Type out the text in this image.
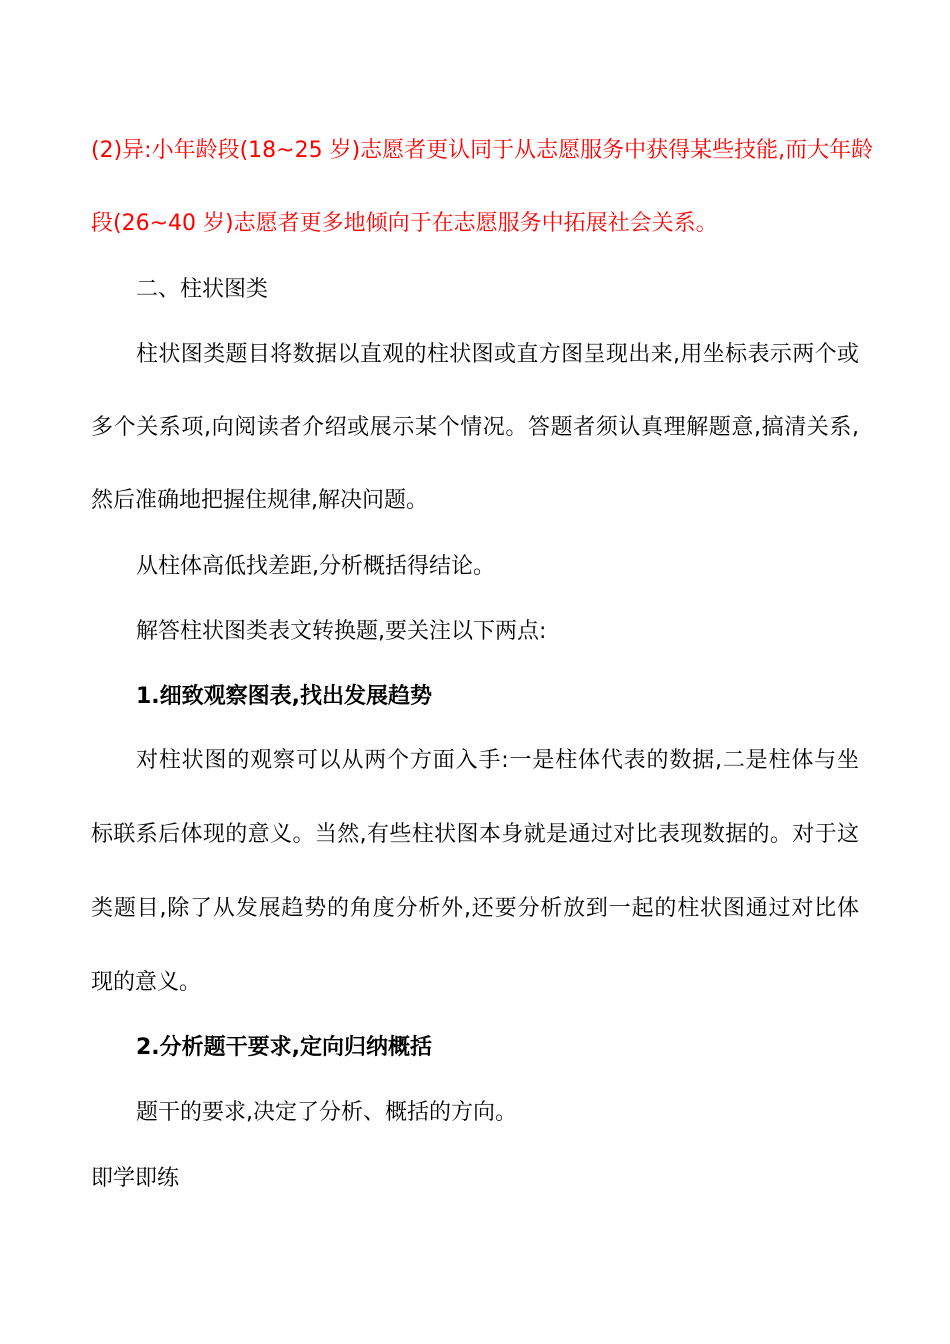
(2)异:小年龄段(18~25 岁)志愿者更认同于从志愿服务中获得某些技能,而大年龄
段(26~40 岁)志愿者更多地倾向于在志愿服务中拓展社会关系。
二、柱状图类
柱状图类题目将数据以直观的柱状图或直方图呈现出来,用坐标表示两个或
多个关系项,向阅读者介绍或展示某个情况。答题者须认真理解题意,搞清关系,
然后准确地把握住规律,解决问题。
从柱体高低找差距,分析概括得结论。
解答柱状图类表文转换题,要关注以下两点:
1.细致观察图表,找出发展趋势
对柱状图的观察可以从两个方面入手:一是柱体代表的数据,二是柱体与坐
标联系后体现的意义。当然,有些柱状图本身就是通过对比表现数据的。对于这
类题目,除了从发展趋势的角度分析外,还要分析放到一起的柱状图通过对比体
现的意义。
2.分析题干要求,定向归纳概括
题干的要求,决定了分析、概括的方向。
即学即练
